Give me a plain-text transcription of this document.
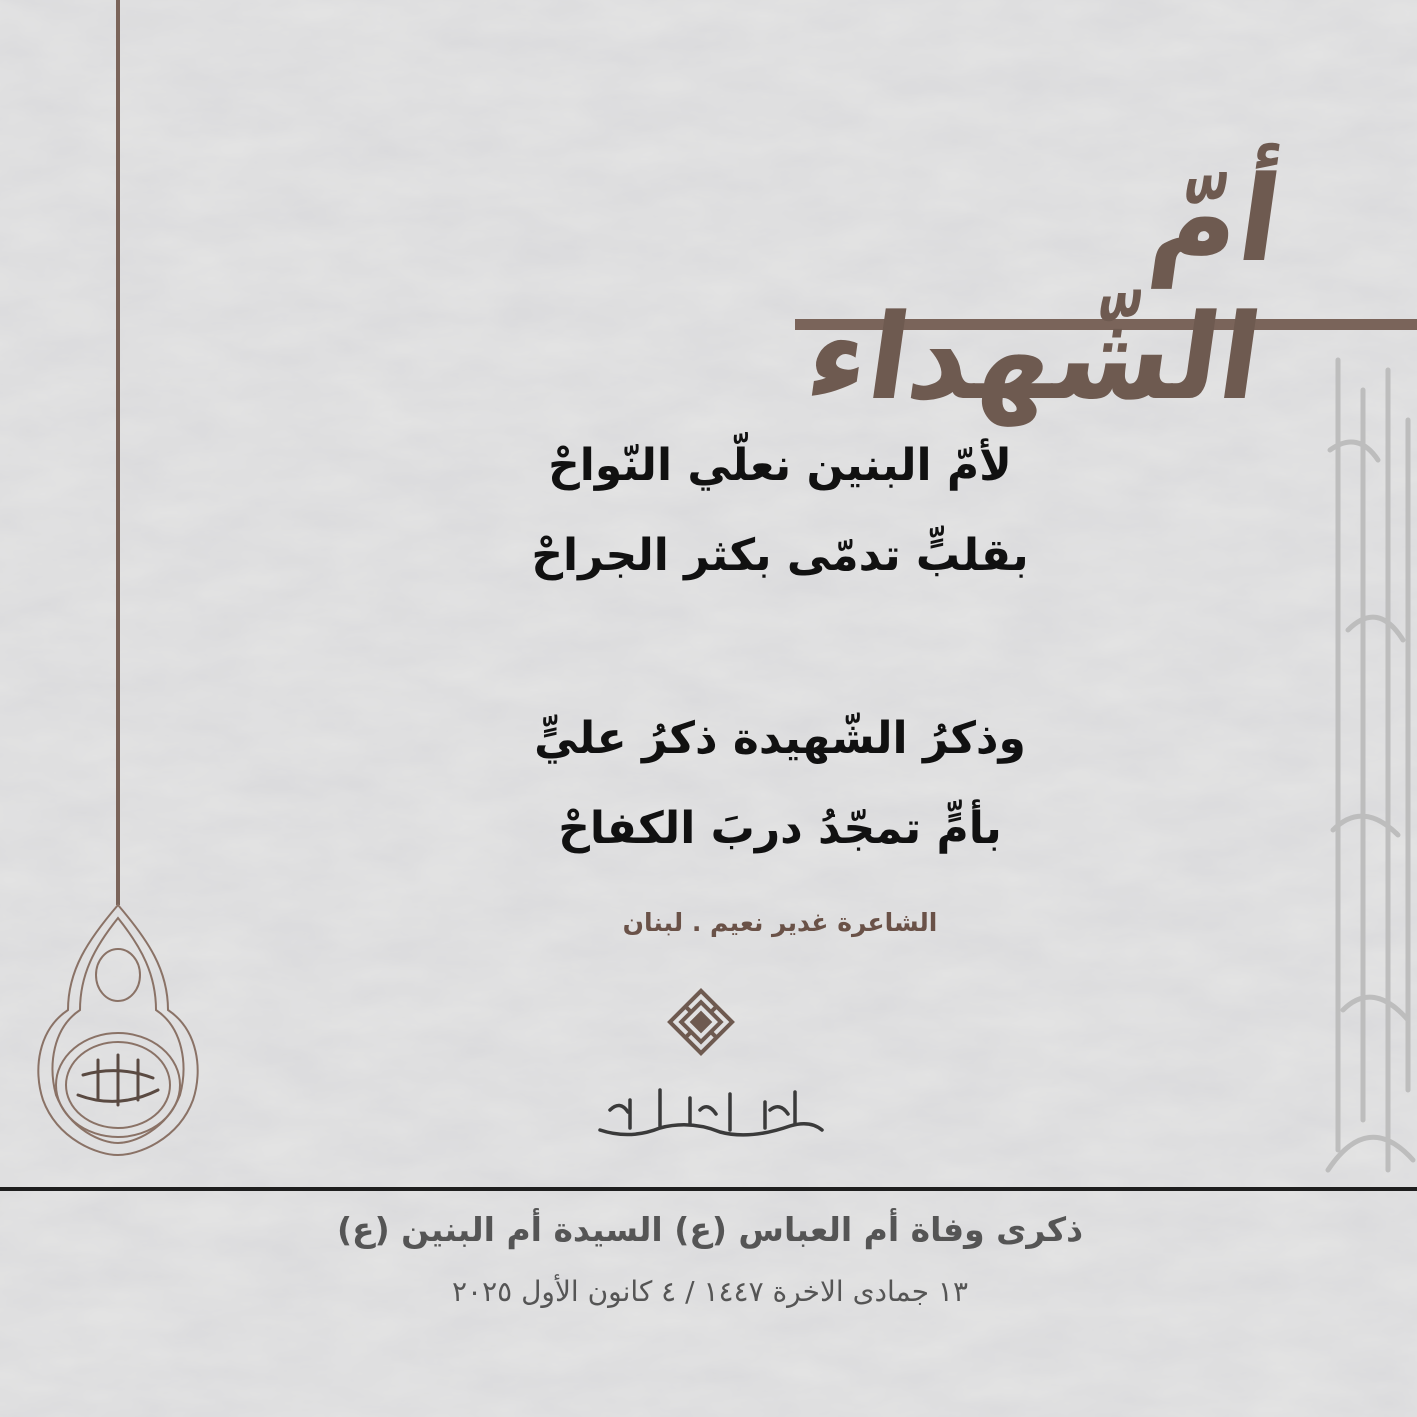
أمّ الشّهداء
لأمّ البنين نعلّي النّواحْ
بقلبٍّ تدمّى بكثر الجراحْ
وذكرُ الشّهيدة ذكرُ عليٍّ
بأمٍّ تمجّدُ دربَ الكفاحْ
الشاعرة غدير نعيم . لبنان
ذكرى وفاة أم العباس (ع) السيدة أم البنين (ع)
١٣ جمادى الاخرة ١٤٤٧ / ٤ كانون الأول ٢٠٢٥
